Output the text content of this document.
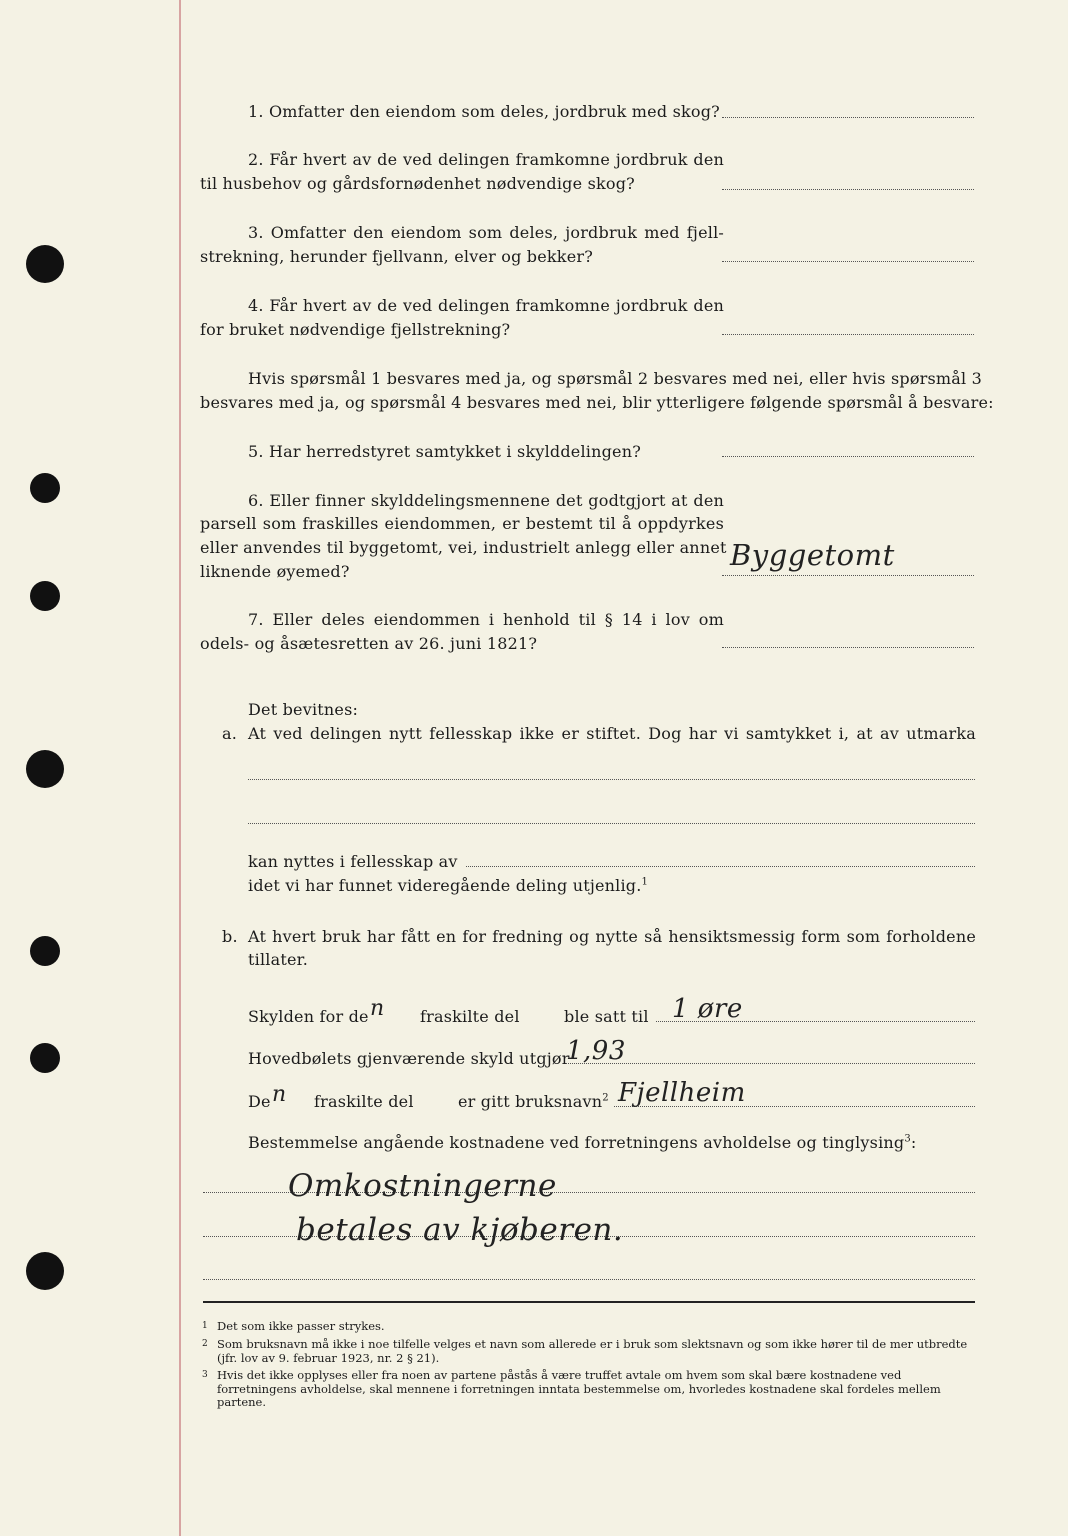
1. Omfatter den eiendom som deles, jordbruk med skog?
2. Får hvert av de ved delingen framkomne jordbruk den
til husbehov og gårdsfornødenhet nødvendige skog?
3. Omfatter den eiendom som deles, jordbruk med fjell-
strekning, herunder fjellvann, elver og bekker?
4. Får hvert av de ved delingen framkomne jordbruk den
for bruket nødvendige fjellstrekning?
Hvis spørsmål 1 besvares med ja, og spørsmål 2 besvares med nei, eller hvis spørsmål 3
besvares med ja, og spørsmål 4 besvares med nei, blir ytterligere følgende spørsmål å besvare:
5. Har herredstyret samtykket i skylddelingen?
6. Eller finner skylddelingsmennene det godtgjort at den
parsell som fraskilles eiendommen, er bestemt til å oppdyrkes
eller anvendes til byggetomt, vei, industrielt anlegg eller annet
liknende øyemed?	Byggetomt
7. Eller deles eiendommen i henhold til § 14 i lov om
odels- og åsætesretten av 26. juni 1821?
Det bevitnes:
a. At ved delingen nytt fellesskap ikke er stiftet. Dog har vi samtykket i, at av utmarka
kan nyttes i fellesskap av
idet vi har funnet videregående deling utjenlig.$^1$
b. At hvert bruk har fått en for fredning og nytte så hensiktsmessig form som forholdene
tillater.
Skylden for de n fraskilte del	ble satt til 1 øre
Hovedbølets gjenværende skyld utgjør
1,93
De n fraskilte del	er gitt bruksnavn$^2$ Fjellheim
Bestemmelse angående kostnadene ved forretningens avholdelse og tinglysing$^3$:
Omkostningerne
betales av kjøberen.
1 Det som ikke passer strykes.
2 Som bruksnavn må ikke i noe tilfelle velges et navn som allerede er i bruk som slektsnavn og som ikke hører til de mer utbredte (jfr. lov av 9. februar 1923, nr. 2 § 21).
3 Hvis det ikke opplyses eller fra noen av partene påstås å være truffet avtale om hvem som skal bære kostnadene ved forretningens avholdelse, skal mennene i forretningen inntata bestemmelse om, hvorledes kostnadene skal fordeles mellem partene.
